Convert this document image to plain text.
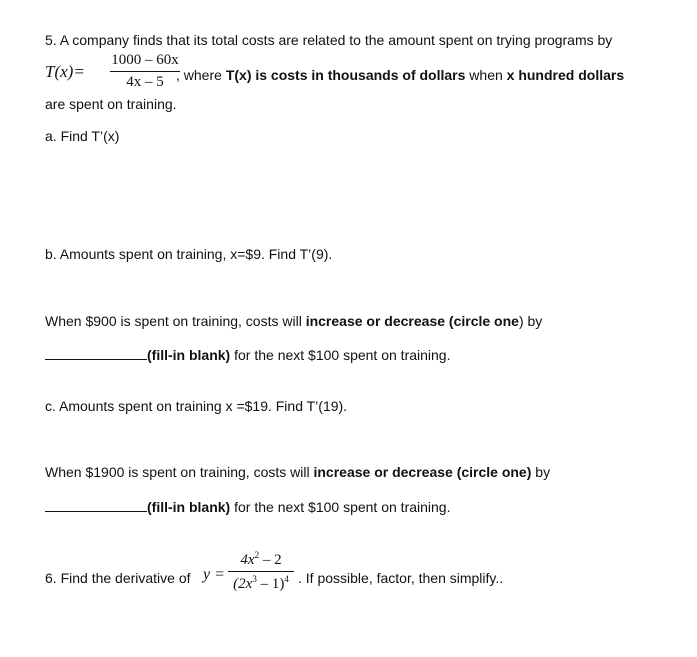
5. A company finds that its total costs are related to the amount spent on trying programs by
T(x)=
1000 – 60x
4x – 5 , where T(x) is costs in thousands of dollars when x hundred dollars
are spent on training.
a. Find T’(x)
b. Amounts spent on training, x=$9. Find T’(9).
When $900 is spent on training, costs will increase or decrease (circle one) by
(fill-in blank) for the next $100 spent on training.
c. Amounts spent on training x =$19. Find T’(19).
When $1900 is spent on training, costs will increase or decrease (circle one) by
(fill-in blank) for the next $100 spent on training.
6. Find the derivative of y =
$4x^2 - 2$
$(2x^3 - 1)^4$ . If possible, factor, then simplify..
